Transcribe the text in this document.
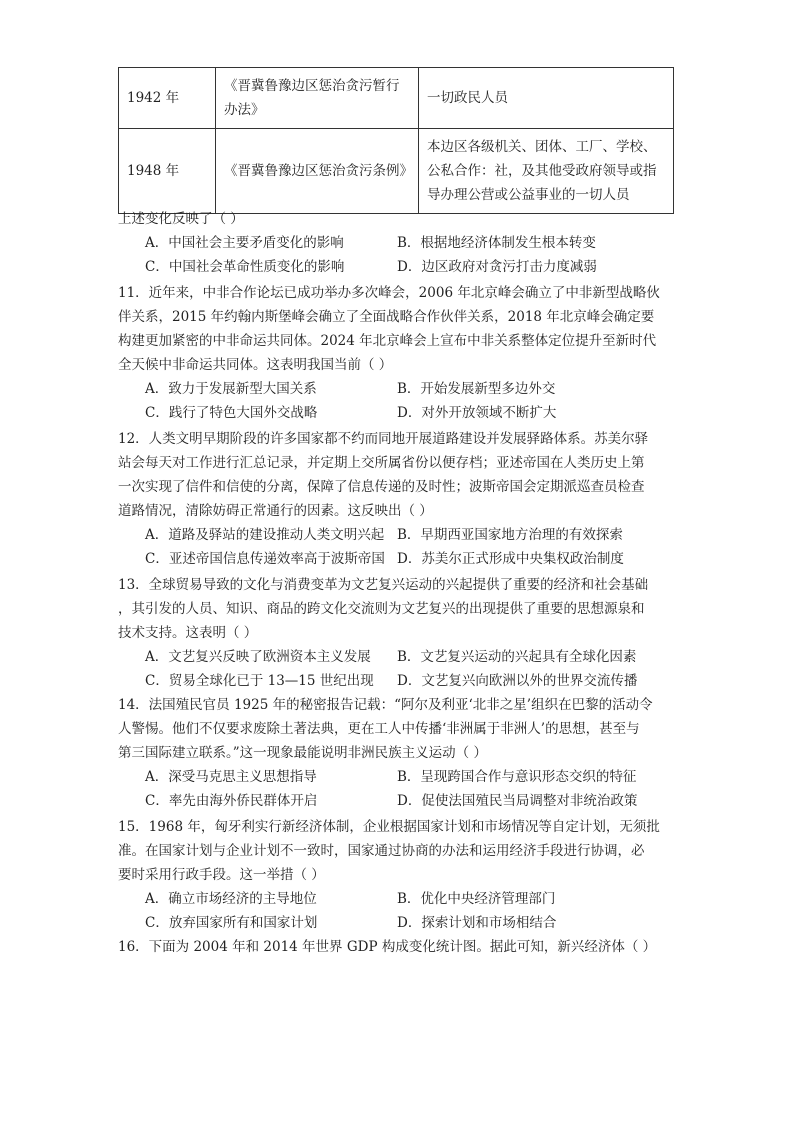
1942 年	《晋冀鲁豫边区惩治贪污暂行办法》	一切政民人员
1948 年	《晋冀鲁豫边区惩治贪污条例》	本边区各级机关、团体、工厂、学校、公私合作：社，及其他受政府领导或指导办理公营或公益事业的一切人员
上述变化反映了（ ）
A．中国社会主要矛盾变化的影响	B．根据地经济体制发生根本转变
C．中国社会革命性质变化的影响	D．边区政府对贪污打击力度减弱
11．近年来，中非合作论坛已成功举办多次峰会，2006 年北京峰会确立了中非新型战略伙
伴关系，2015 年约翰内斯堡峰会确立了全面战略合作伙伴关系，2018 年北京峰会确定要
构建更加紧密的中非命运共同体。2024 年北京峰会上宣布中非关系整体定位提升至新时代
全天候中非命运共同体。这表明我国当前（ ）
A．致力于发展新型大国关系	B．开始发展新型多边外交
C．践行了特色大国外交战略	D．对外开放领域不断扩大
12．人类文明早期阶段的许多国家都不约而同地开展道路建设并发展驿路体系。苏美尔驿
站会每天对工作进行汇总记录，并定期上交所属省份以便存档；亚述帝国在人类历史上第
一次实现了信件和信使的分离，保障了信息传递的及时性；波斯帝国会定期派巡查员检查
道路情况，清除妨碍正常通行的因素。这反映出（ ）
A．道路及驿站的建设推动人类文明兴起 B．早期西亚国家地方治理的有效探索
C．亚述帝国信息传递效率高于波斯帝国 D．苏美尔正式形成中央集权政治制度
13．全球贸易导致的文化与消费变革为文艺复兴运动的兴起提供了重要的经济和社会基础
，其引发的人员、知识、商品的跨文化交流则为文艺复兴的出现提供了重要的思想源泉和
技术支持。这表明（ ）
A．文艺复兴反映了欧洲资本主义发展 B．文艺复兴运动的兴起具有全球化因素
C．贸易全球化已于 13—15 世纪出现 D．文艺复兴向欧洲以外的世界交流传播
14．法国殖民官员 1925 年的秘密报告记载：“阿尔及利亚‘北非之星’组织在巴黎的活动令
人警惕。他们不仅要求废除土著法典，更在工人中传播‘非洲属于非洲人’的思想，甚至与
第三国际建立联系。”这一现象最能说明非洲民族主义运动（ ）
A．深受马克思主义思想指导	B．呈现跨国合作与意识形态交织的特征
C．率先由海外侨民群体开启	D．促使法国殖民当局调整对非统治政策
15．1968 年，匈牙利实行新经济体制，企业根据国家计划和市场情况等自定计划，无须批
准。在国家计划与企业计划不一致时，国家通过协商的办法和运用经济手段进行协调，必
要时采用行政手段。这一举措（ ）
A．确立市场经济的主导地位	B．优化中央经济管理部门
C．放弃国家所有和国家计划	D．探索计划和市场相结合
16．下面为 2004 年和 2014 年世界 GDP 构成变化统计图。据此可知，新兴经济体（ ）
